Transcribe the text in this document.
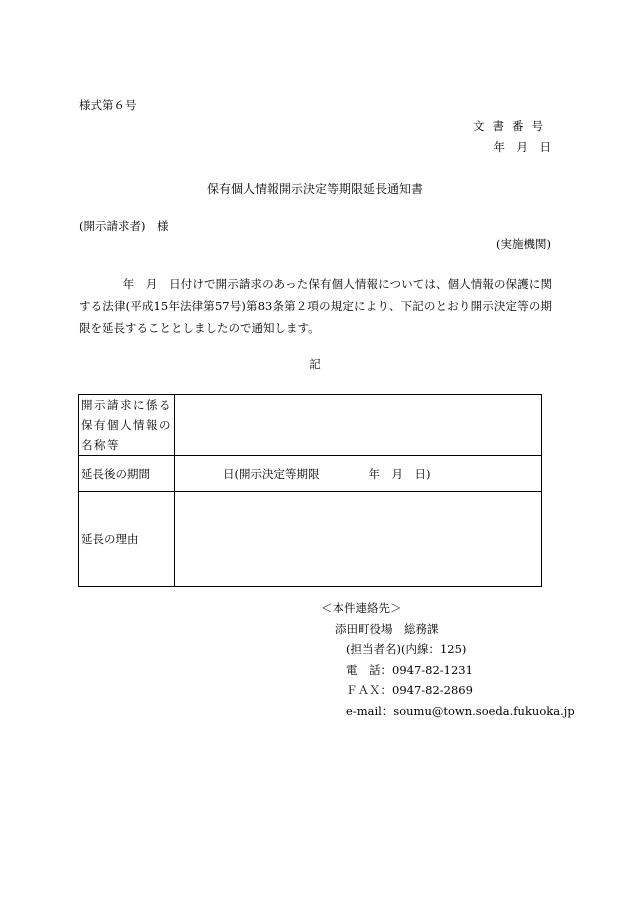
様式第６号
文書番号
年　月　日
保有個人情報開示決定等期限延長通知書
(開示請求者)　様
(実施機関)
年　月　日付けで開示請求のあった保有個人情報については、個人情報の保護に関する法律(平成15年法律第57号)第83条第２項の規定により、下記のとおり開示決定等の期限を延長することとしましたので通知します。
記
開示請求に係る
保有個人情報の
名称等	

延長後の期間	日(開示決定等期限 年　月　日)
延長の理由	
＜本件連絡先＞
添田町役場　総務課
(担当者名)(内線：125)
電　話：0947-82-1231
ＦＡＸ：0947-82-2869
e-mail：soumu@town.soeda.fukuoka.jp
